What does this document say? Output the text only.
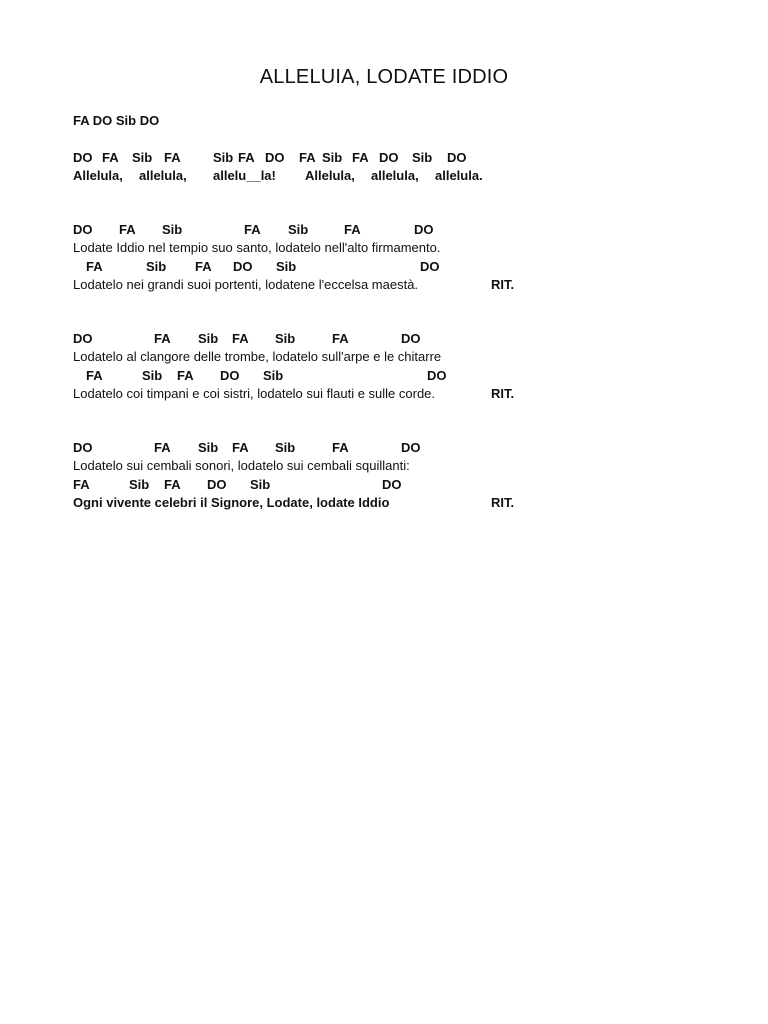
ALLELUIA, LODATE IDDIO
FA DO Sib DO
DO FA Sib FA Sib FA DO FA Sib FA DO Sib DO
Allelula, allelula, allelu__la! Allelula, allelula, allelula.
DO FA Sib	FA Sib	FA	DO
Lodate Iddio nel tempio suo santo, lodatelo nell'alto firmamento.
FA	Sib FA DO Sib	DO
Lodatelo nei grandi suoi portenti, lodatene l'eccelsa maestà.	RIT.
DO	FA Sib FA Sib	FA	DO
Lodatelo al clangore delle trombe, lodatelo sull'arpe e le chitarre
FA	Sib FA DO Sib	DO
Lodatelo coi timpani e coi sistri, lodatelo sui flauti e sulle corde.	RIT.
DO	FA Sib FA Sib	FA	DO
Lodatelo sui cembali sonori, lodatelo sui cembali squillanti:
FA	Sib FA DO Sib	DO
Ogni vivente celebri il Signore, Lodate, lodate Iddio	RIT.
